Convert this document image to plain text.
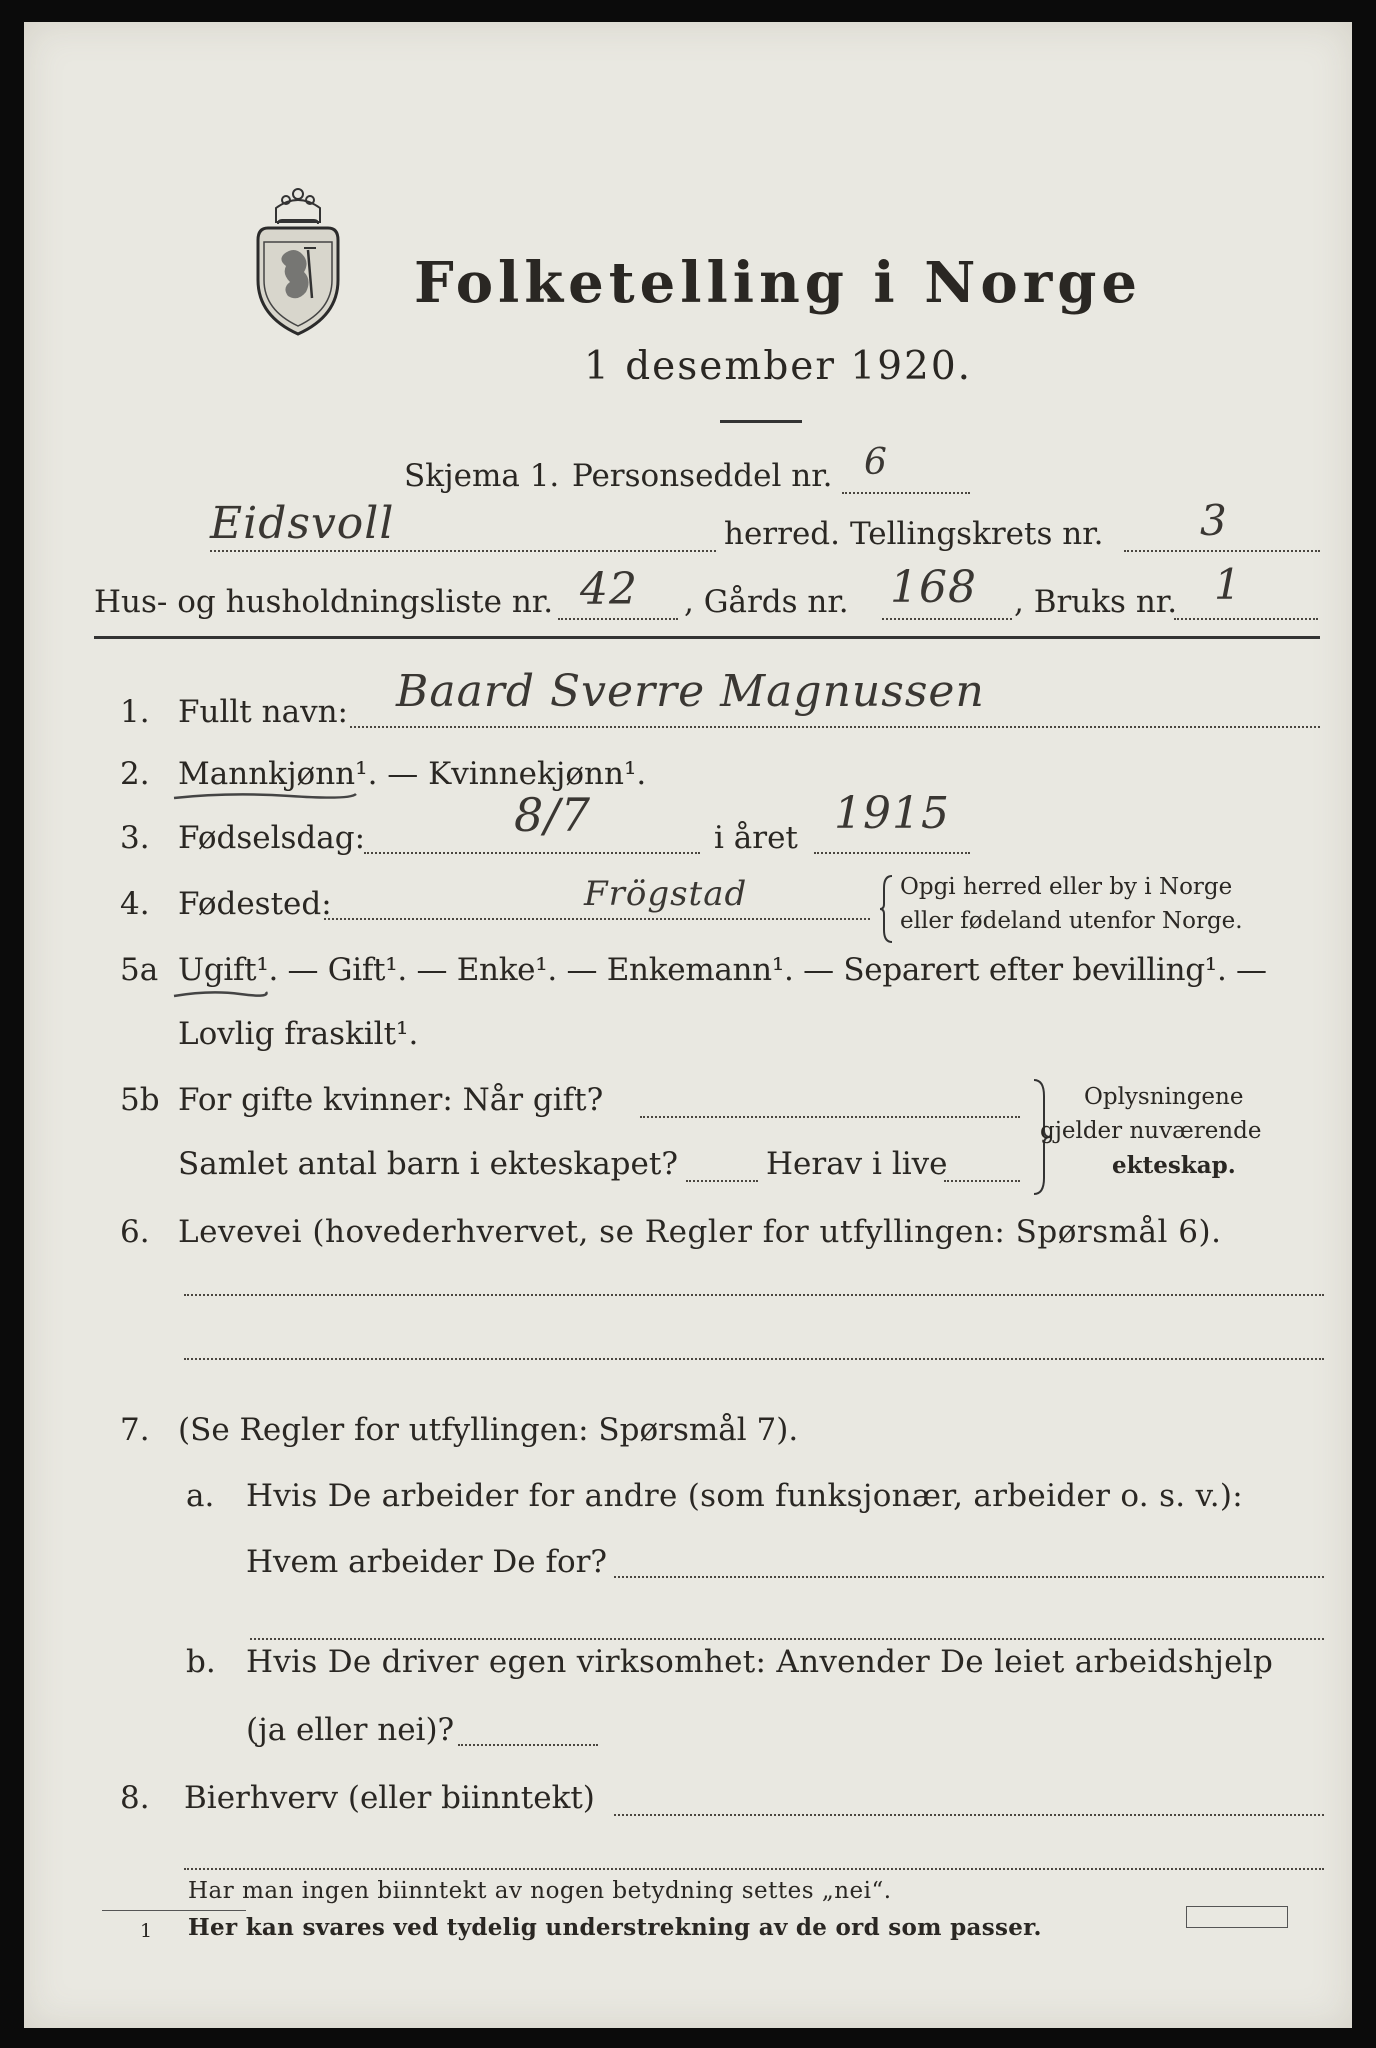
Folketelling i Norge
1 desember 1920.
Skjema 1. Personseddel nr. 6
Eidsvoll	herred. Tellingskrets nr. 3
Hus- og husholdningsliste nr. 42 , Gårds nr. 168 , Bruks nr. 1
1. Fullt navn: Baard Sverre Magnussen
2. Mannkjønn¹. — Kvinnekjønn¹.
3. Fødselsdag:	8/7	i året 1915
4. Fødested:	Frögstad	Opgi herred eller by i Norge
eller fødeland utenfor Norge.
5a Ugift¹. — Gift¹. — Enke¹. — Enkemann¹. — Separert efter bevilling¹. —
Lovlig fraskilt¹.
5b For gifte kvinner: Når gift?
Samlet antal barn i ekteskapet?	Herav i live
Oplysningene
gjelder nuværende
ekteskap.
6. Levevei (hovederhvervet, se Regler for utfyllingen: Spørsmål 6).
7. (Se Regler for utfyllingen: Spørsmål 7).
a. Hvis De arbeider for andre (som funksjonær, arbeider o. s. v.):
Hvem arbeider De for?
b. Hvis De driver egen virksomhet: Anvender De leiet arbeidshjelp
(ja eller nei)?
8. Bierhverv (eller biinntekt)
Har man ingen biinntekt av nogen betydning settes „nei“.
1 Her kan svares ved tydelig understrekning av de ord som passer.
